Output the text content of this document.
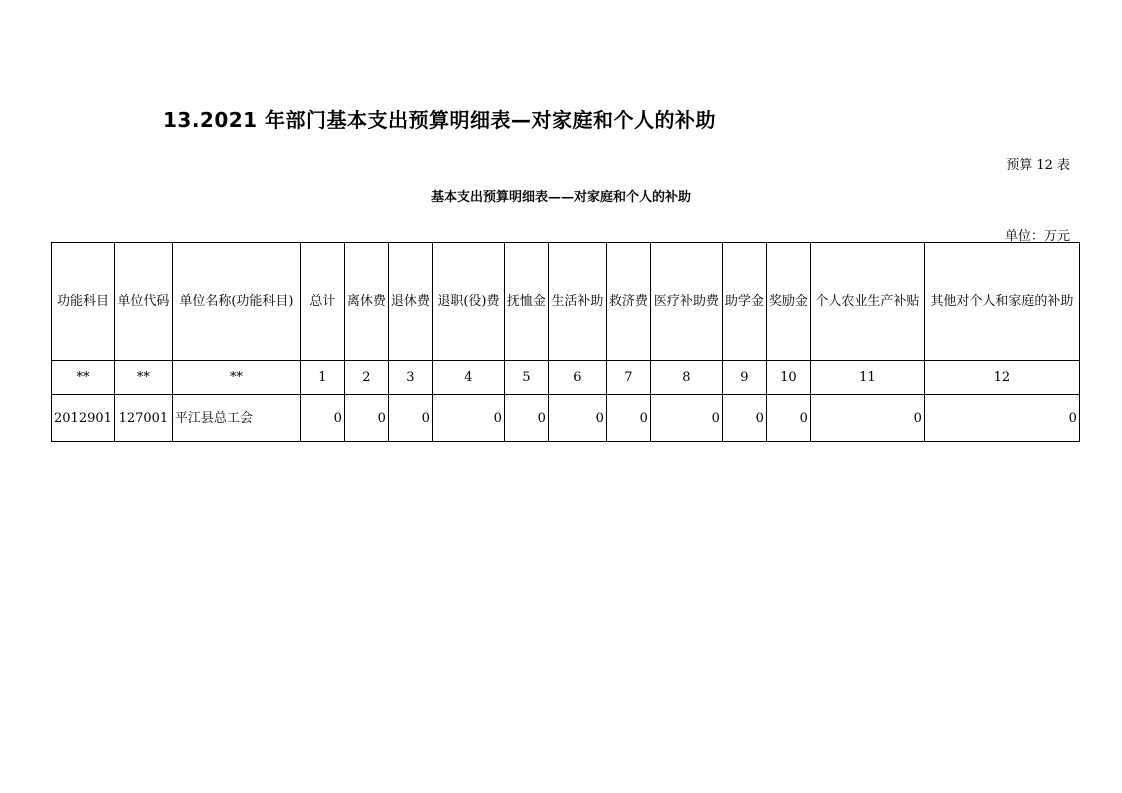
13.2021 年部门基本支出预算明细表—对家庭和个人的补助
预算 12 表
基本支出预算明细表——对家庭和个人的补助
单位：万元
功能科目	单位代码	单位名称(功能科目)	总计	离休费	退休费	退职(役)费	抚恤金	生活补助	救济费	医疗补助费	助学金	奖励金	个人农业生产补贴	其他对个人和家庭的补助
**	**	**	1	2	3	4	5	6	7	8	9	10	11	12
2012901	127001	平江县总工会	0	0	0	0	0	0	0	0	0	0	0	0
